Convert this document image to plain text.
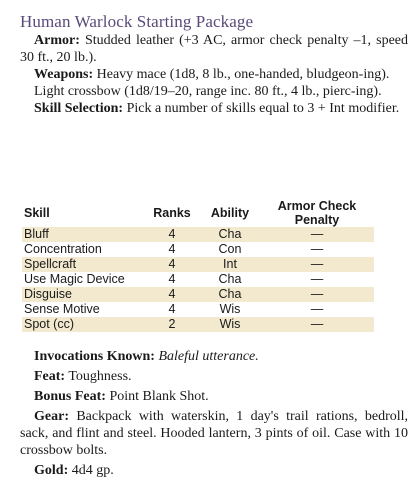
Human Warlock Starting Package

Armor: Studded leather (+3 AC, armor check penalty –1, speed 30 ft., 20 lb.).

Weapons: Heavy mace (1d8, 8 lb., one-handed, bludgeon-ing).

Light crossbow (1d8/19–20, range inc. 80 ft., 4 lb., pierc-ing).

Skill Selection: Pick a number of skills equal to 3 + Int modifier.

Skill	Ranks	Ability	Armor Check Penalty
Bluff	4	Cha	—
Concentration	4	Con	—
Spellcraft	4	Int	—
Use Magic Device	4	Cha	—
Disguise	4	Cha	—
Sense Motive	4	Wis	—
Spot (cc)	2	Wis	—

Invocations Known: Baleful utterance.

Feat: Toughness.

Bonus Feat: Point Blank Shot.

Gear: Backpack with waterskin, 1 day's trail rations, bedroll, sack, and flint and steel. Hooded lantern, 3 pints of oil. Case with 10 crossbow bolts.

Gold: 4d4 gp.
